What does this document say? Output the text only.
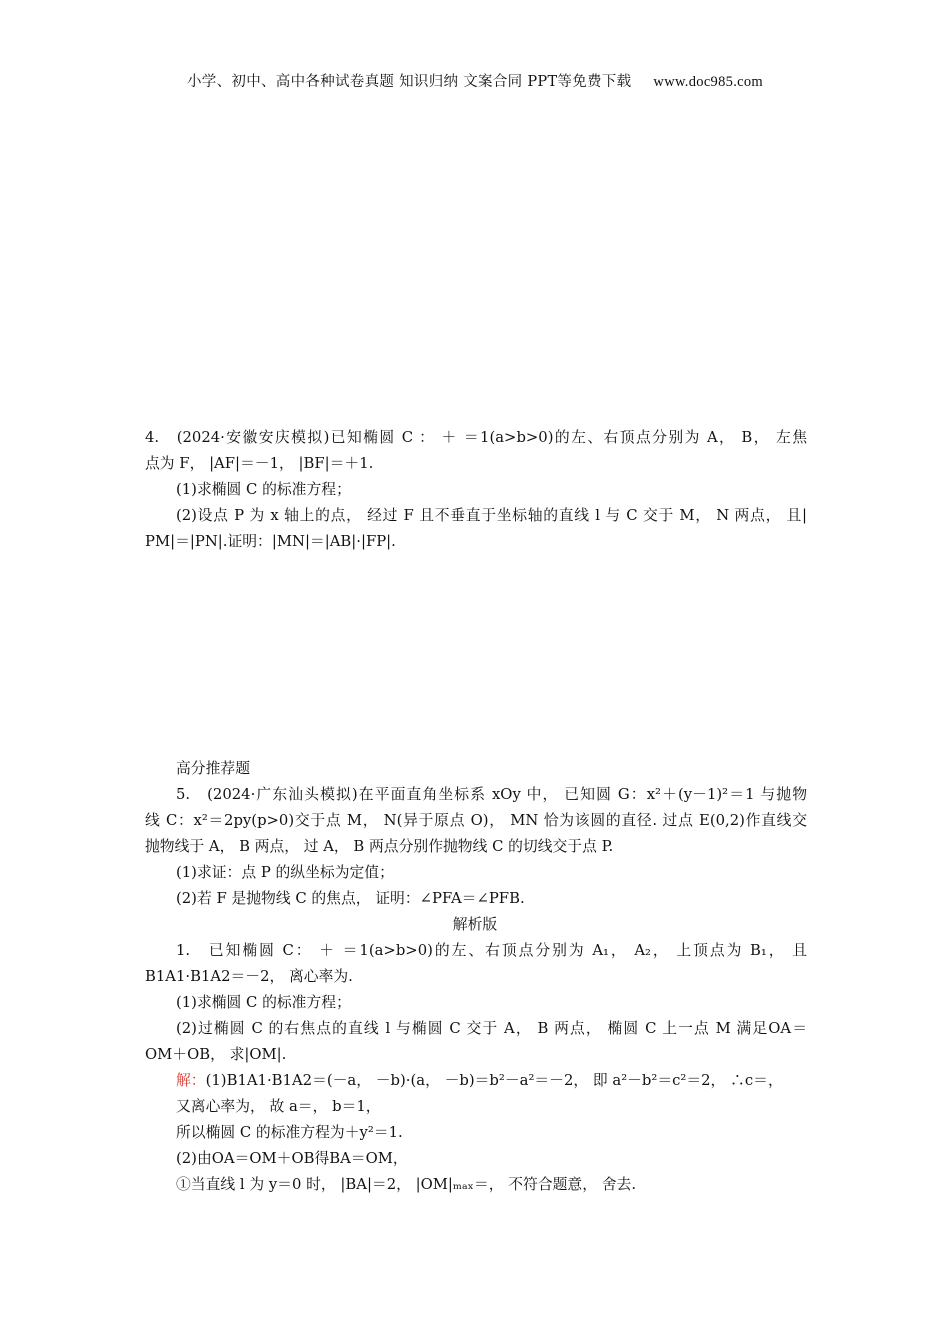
小学、初中、高中各种试卷真题 知识归纳 文案合同 PPT等免费下载 www.doc985.com
4.　(2024·安徽安庆模拟)已知椭圆 C ： ＋ ＝1(a>b>0)的左、右顶点分别为 A， B， 左焦
点为 F， |AF|＝－1， |BF|＝＋1.
(1)求椭圆 C 的标准方程；
(2)设点 P 为 x 轴上的点， 经过 F 且不垂直于坐标轴的直线 l 与 C 交于 M， N 两点， 且|
PM|＝|PN|.证明：|MN|＝|AB|·|FP|.
高分推荐题
5.　(2024·广东汕头模拟)在平面直角坐标系 xOy 中， 已知圆 G：x²＋(y－1)²＝1 与抛物
线 C：x²＝2py(p>0)交于点 M， N(异于原点 O)， MN 恰为该圆的直径. 过点 E(0,2)作直线交
抛物线于 A， B 两点， 过 A， B 两点分别作抛物线 C 的切线交于点 P.
(1)求证：点 P 的纵坐标为定值；
(2)若 F 是抛物线 C 的焦点， 证明：∠PFA＝∠PFB.
解析版
1.　已知椭圆 C： ＋ ＝1(a>b>0)的左、右顶点分别为 A₁， A₂， 上顶点为 B₁， 且
B1A1·B1A2＝－2， 离心率为.
(1)求椭圆 C 的标准方程；
(2)过椭圆 C 的右焦点的直线 l 与椭圆 C 交于 A， B 两点， 椭圆 C 上一点 M 满足OA＝
OM＋OB， 求|OM|.
解：(1)B1A1·B1A2＝(－a， －b)·(a， －b)＝b²－a²＝－2， 即 a²－b²＝c²＝2， ∴c＝，
又离心率为， 故 a＝， b＝1，
所以椭圆 C 的标准方程为＋y²＝1.
(2)由OA＝OM＋OB得BA＝OM，
①当直线 l 为 y＝0 时， |BA|＝2， |OM|ₘₐₓ＝， 不符合题意， 舍去.
